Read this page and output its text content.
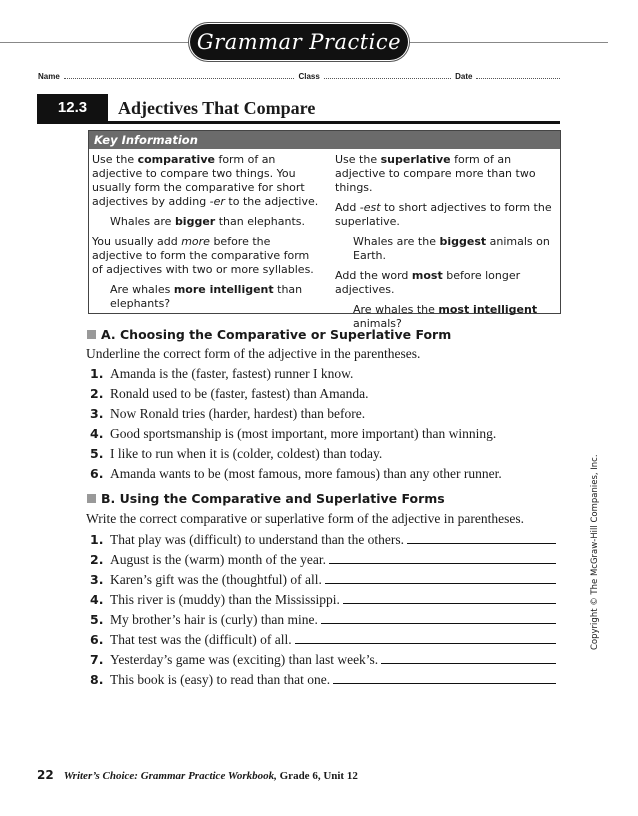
Grammar Practice
Name	Class	Date
12.3	Adjectives That Compare
Key Information

Use the comparative form of an adjective to compare two things. You usually form the comparative for short adjectives by adding -er to the adjective.

Whales are bigger than elephants.

You usually add more before the adjective to form the comparative form of adjectives with two or more syllables.

Are whales more intelligent than elephants?

Use the superlative form of an adjective to compare more than two things.

Add -est to short adjectives to form the superlative.

Whales are the biggest animals on Earth.

Add the word most before longer adjectives.

Are whales the most intelligent animals?

A. Choosing the Comparative or Superlative Form
Underline the correct form of the adjective in the parentheses.
1. Amanda is the (faster, fastest) runner I know.
2. Ronald used to be (faster, fastest) than Amanda.
3. Now Ronald tries (harder, hardest) than before.
4. Good sportsmanship is (most important, more important) than winning.
5. I like to run when it is (colder, coldest) than today.
6. Amanda wants to be (most famous, more famous) than any other runner.
B. Using the Comparative and Superlative Forms
Write the correct comparative or superlative form of the adjective in parentheses.
1. That play was (difficult) to understand than the others.
2. August is the (warm) month of the year.
3. Karen’s gift was the (thoughtful) of all.
4. This river is (muddy) than the Mississippi.
5. My brother’s hair is (curly) than mine.
6. That test was the (difficult) of all.
7. Yesterday’s game was (exciting) than last week’s.
8. This book is (easy) to read than that one.
Copyright © The McGraw-Hill Companies, Inc.
22 Writer’s Choice: Grammar Practice Workbook, Grade 6, Unit 12
